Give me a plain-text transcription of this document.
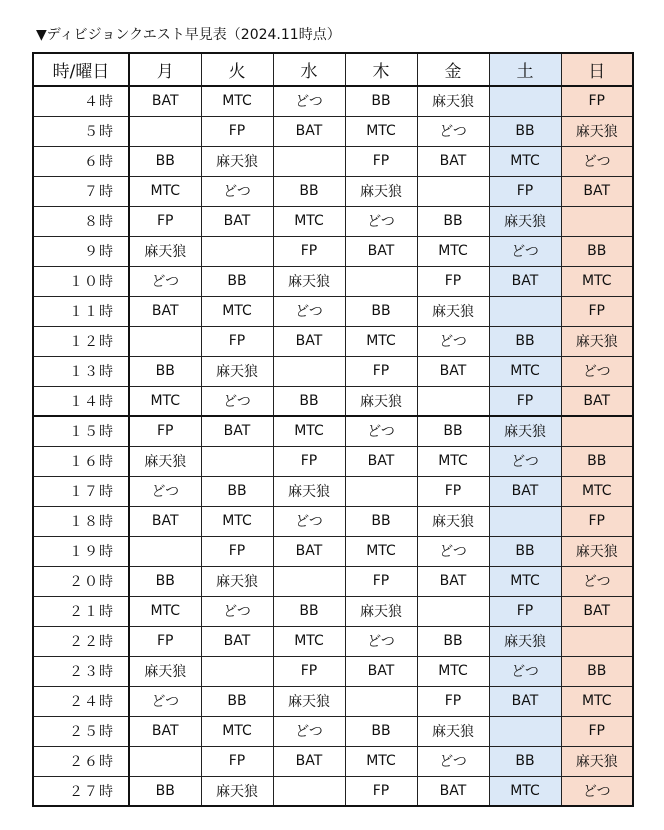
▼ディビジョンクエスト早見表（2024.11時点）
時/曜日	月	火	水	木	金	土	日
４時	BAT	MTC	どつ	BB	麻天狼		FP
５時		FP	BAT	MTC	どつ	BB	麻天狼
６時	BB	麻天狼		FP	BAT	MTC	どつ
７時	MTC	どつ	BB	麻天狼		FP	BAT
８時	FP	BAT	MTC	どつ	BB	麻天狼	
９時	麻天狼		FP	BAT	MTC	どつ	BB
１０時	どつ	BB	麻天狼		FP	BAT	MTC
１１時	BAT	MTC	どつ	BB	麻天狼		FP
１２時		FP	BAT	MTC	どつ	BB	麻天狼
１３時	BB	麻天狼		FP	BAT	MTC	どつ
１４時	MTC	どつ	BB	麻天狼		FP	BAT
１５時	FP	BAT	MTC	どつ	BB	麻天狼	
１６時	麻天狼		FP	BAT	MTC	どつ	BB
１７時	どつ	BB	麻天狼		FP	BAT	MTC
１８時	BAT	MTC	どつ	BB	麻天狼		FP
１９時		FP	BAT	MTC	どつ	BB	麻天狼
２０時	BB	麻天狼		FP	BAT	MTC	どつ
２１時	MTC	どつ	BB	麻天狼		FP	BAT
２２時	FP	BAT	MTC	どつ	BB	麻天狼	
２３時	麻天狼		FP	BAT	MTC	どつ	BB
２４時	どつ	BB	麻天狼		FP	BAT	MTC
２５時	BAT	MTC	どつ	BB	麻天狼		FP
２６時		FP	BAT	MTC	どつ	BB	麻天狼
２７時	BB	麻天狼		FP	BAT	MTC	どつ
